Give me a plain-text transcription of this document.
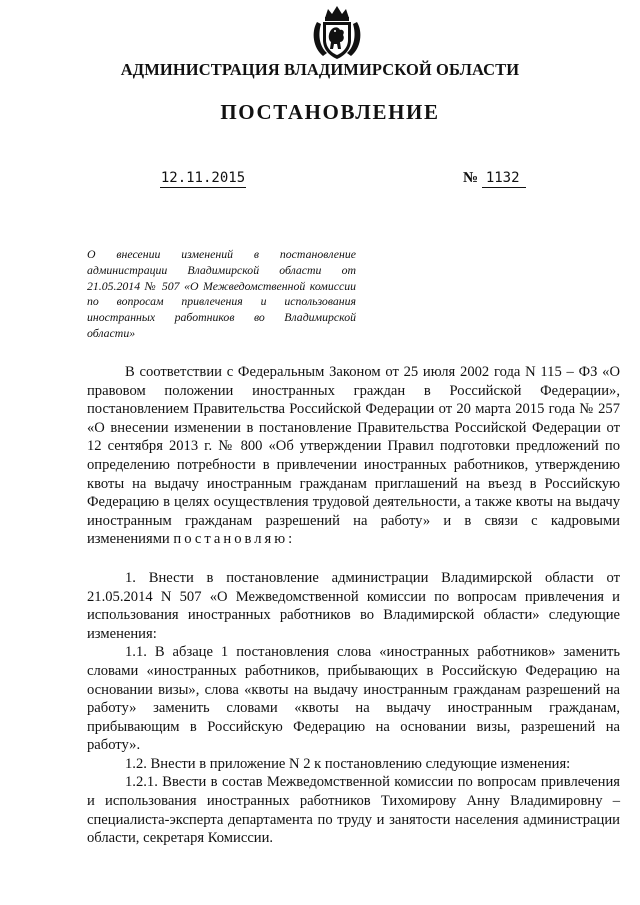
АДМИНИСТРАЦИЯ ВЛАДИМИРСКОЙ ОБЛАСТИ
ПОСТАНОВЛЕНИЕ
12.11.2015	№ 1132
О внесении изменений в постановление администрации Владимирской области от 21.05.2014 № 507 «О Межведомственной комиссии по вопросам привлечения и использования иностранных работников во Владимирской области»

В соответствии с Федеральным Законом от 25 июля 2002 года N 115 – ФЗ «О правовом положении иностранных граждан в Российской Федерации», постановлением Правительства Российской Федерации от 20 марта 2015 года № 257 «О внесении изменении в постановление Правительства Российской Федерации от 12 сентября 2013 г. № 800 «Об утверждении Правил подготовки предложений по определению потребности в привлечении иностранных работников, утверждению квоты на выдачу иностранным гражданам приглашений на въезд в Российскую Федерацию в целях осуществления трудовой деятельности, а также квоты на выдачу иностранным гражданам разрешений на работу» и в связи с кадровыми изменениями постановляю:

1. Внести в постановление администрации Владимирской области от 21.05.2014 N 507 «О Межведомственной комиссии по вопросам привлечения и использования иностранных работников во Владимирской области» следующие изменения:

1.1. В абзаце 1 постановления слова «иностранных работников» заменить словами «иностранных работников, прибывающих в Российскую Федерацию на основании визы», слова «квоты на выдачу иностранным гражданам разрешений на работу» заменить словами «квоты на выдачу иностранным гражданам, прибывающим в Российскую Федерацию на основании визы, разрешений на работу».

1.2. Внести в приложение N 2 к постановлению следующие изменения:

1.2.1. Ввести в состав Межведомственной комиссии по вопросам привлечения и использования иностранных работников Тихомирову Анну Владимировну – специалиста-эксперта департамента по труду и занятости населения администрации области, секретаря Комиссии.
